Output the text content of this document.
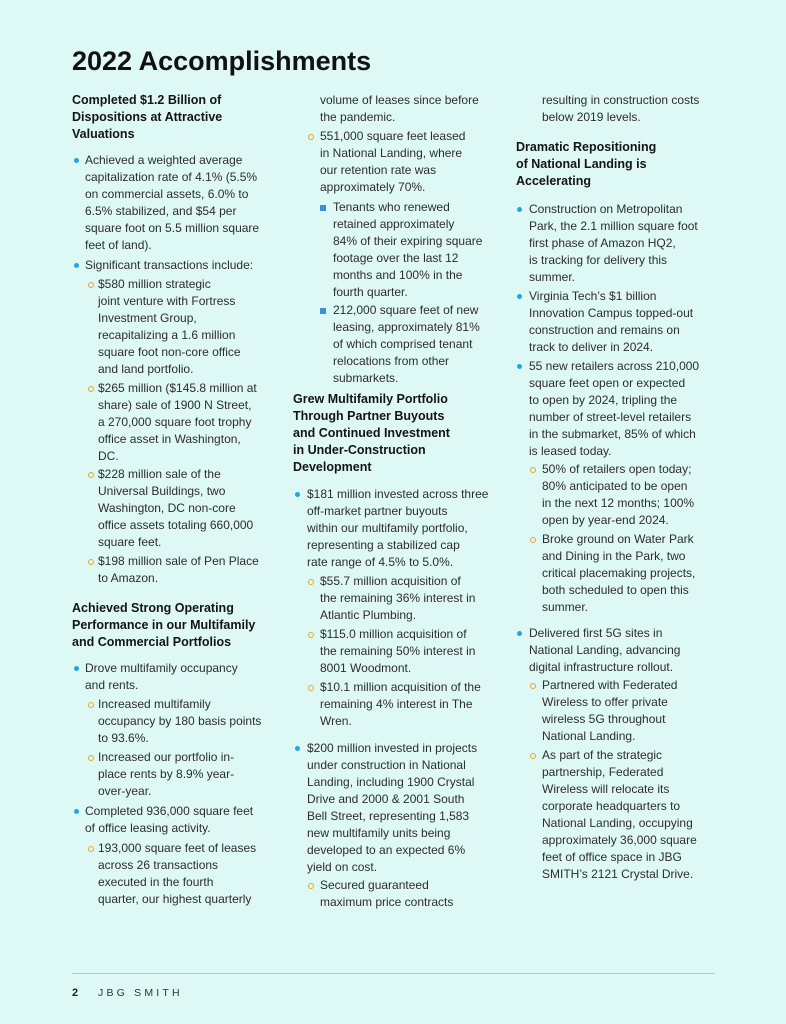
2022 Accomplishments
Completed $1.2 Billion of
Dispositions at Attractive
Valuations
Achieved a weighted average
capitalization rate of 4.1% (5.5%
on commercial assets, 6.0% to
6.5% stabilized, and $54 per
square foot on 5.5 million square
feet of land).
Significant transactions include:
$580 million strategic
joint venture with Fortress
Investment Group,
recapitalizing a 1.6 million
square foot non-core office
and land portfolio.
$265 million ($145.8 million at
share) sale of 1900 N Street,
a 270,000 square foot trophy
office asset in Washington,
DC.
$228 million sale of the
Universal Buildings, two
Washington, DC non-core
office assets totaling 660,000
square feet.
$198 million sale of Pen Place
to Amazon.
Achieved Strong Operating
Performance in our Multifamily
and Commercial Portfolios
Drove multifamily occupancy
and rents.
Increased multifamily
occupancy by 180 basis points
to 93.6%.
Increased our portfolio in-
place rents by 8.9% year-
over-year.
Completed 936,000 square feet
of office leasing activity.
193,000 square feet of leases
across 26 transactions
executed in the fourth
quarter, our highest quarterly
volume of leases since before
the pandemic.
551,000 square feet leased
in National Landing, where
our retention rate was
approximately 70%.
Tenants who renewed
retained approximately
84% of their expiring square
footage over the last 12
months and 100% in the
fourth quarter.
212,000 square feet of new
leasing, approximately 81%
of which comprised tenant
relocations from other
submarkets.
Grew Multifamily Portfolio
Through Partner Buyouts
and Continued Investment
in Under-Construction
Development
$181 million invested across three
off-market partner buyouts
within our multifamily portfolio,
representing a stabilized cap
rate range of 4.5% to 5.0%.
$55.7 million acquisition of
the remaining 36% interest in
Atlantic Plumbing.
$115.0 million acquisition of
the remaining 50% interest in
8001 Woodmont.
$10.1 million acquisition of the
remaining 4% interest in The
Wren.
$200 million invested in projects
under construction in National
Landing, including 1900 Crystal
Drive and 2000 & 2001 South
Bell Street, representing 1,583
new multifamily units being
developed to an expected 6%
yield on cost.
Secured guaranteed
maximum price contracts
resulting in construction costs
below 2019 levels.
Dramatic Repositioning
of National Landing is
Accelerating
Construction on Metropolitan
Park, the 2.1 million square foot
first phase of Amazon HQ2,
is tracking for delivery this
summer.
Virginia Tech’s $1 billion
Innovation Campus topped-out
construction and remains on
track to deliver in 2024.
55 new retailers across 210,000
square feet open or expected
to open by 2024, tripling the
number of street-level retailers
in the submarket, 85% of which
is leased today.
50% of retailers open today;
80% anticipated to be open
in the next 12 months; 100%
open by year-end 2024.
Broke ground on Water Park
and Dining in the Park, two
critical placemaking projects,
both scheduled to open this
summer.
Delivered first 5G sites in
National Landing, advancing
digital infrastructure rollout.
Partnered with Federated
Wireless to offer private
wireless 5G throughout
National Landing.
As part of the strategic
partnership, Federated
Wireless will relocate its
corporate headquarters to
National Landing, occupying
approximately 36,000 square
feet of office space in JBG
SMITH’s 2121 Crystal Drive.
2 JBG SMITH
